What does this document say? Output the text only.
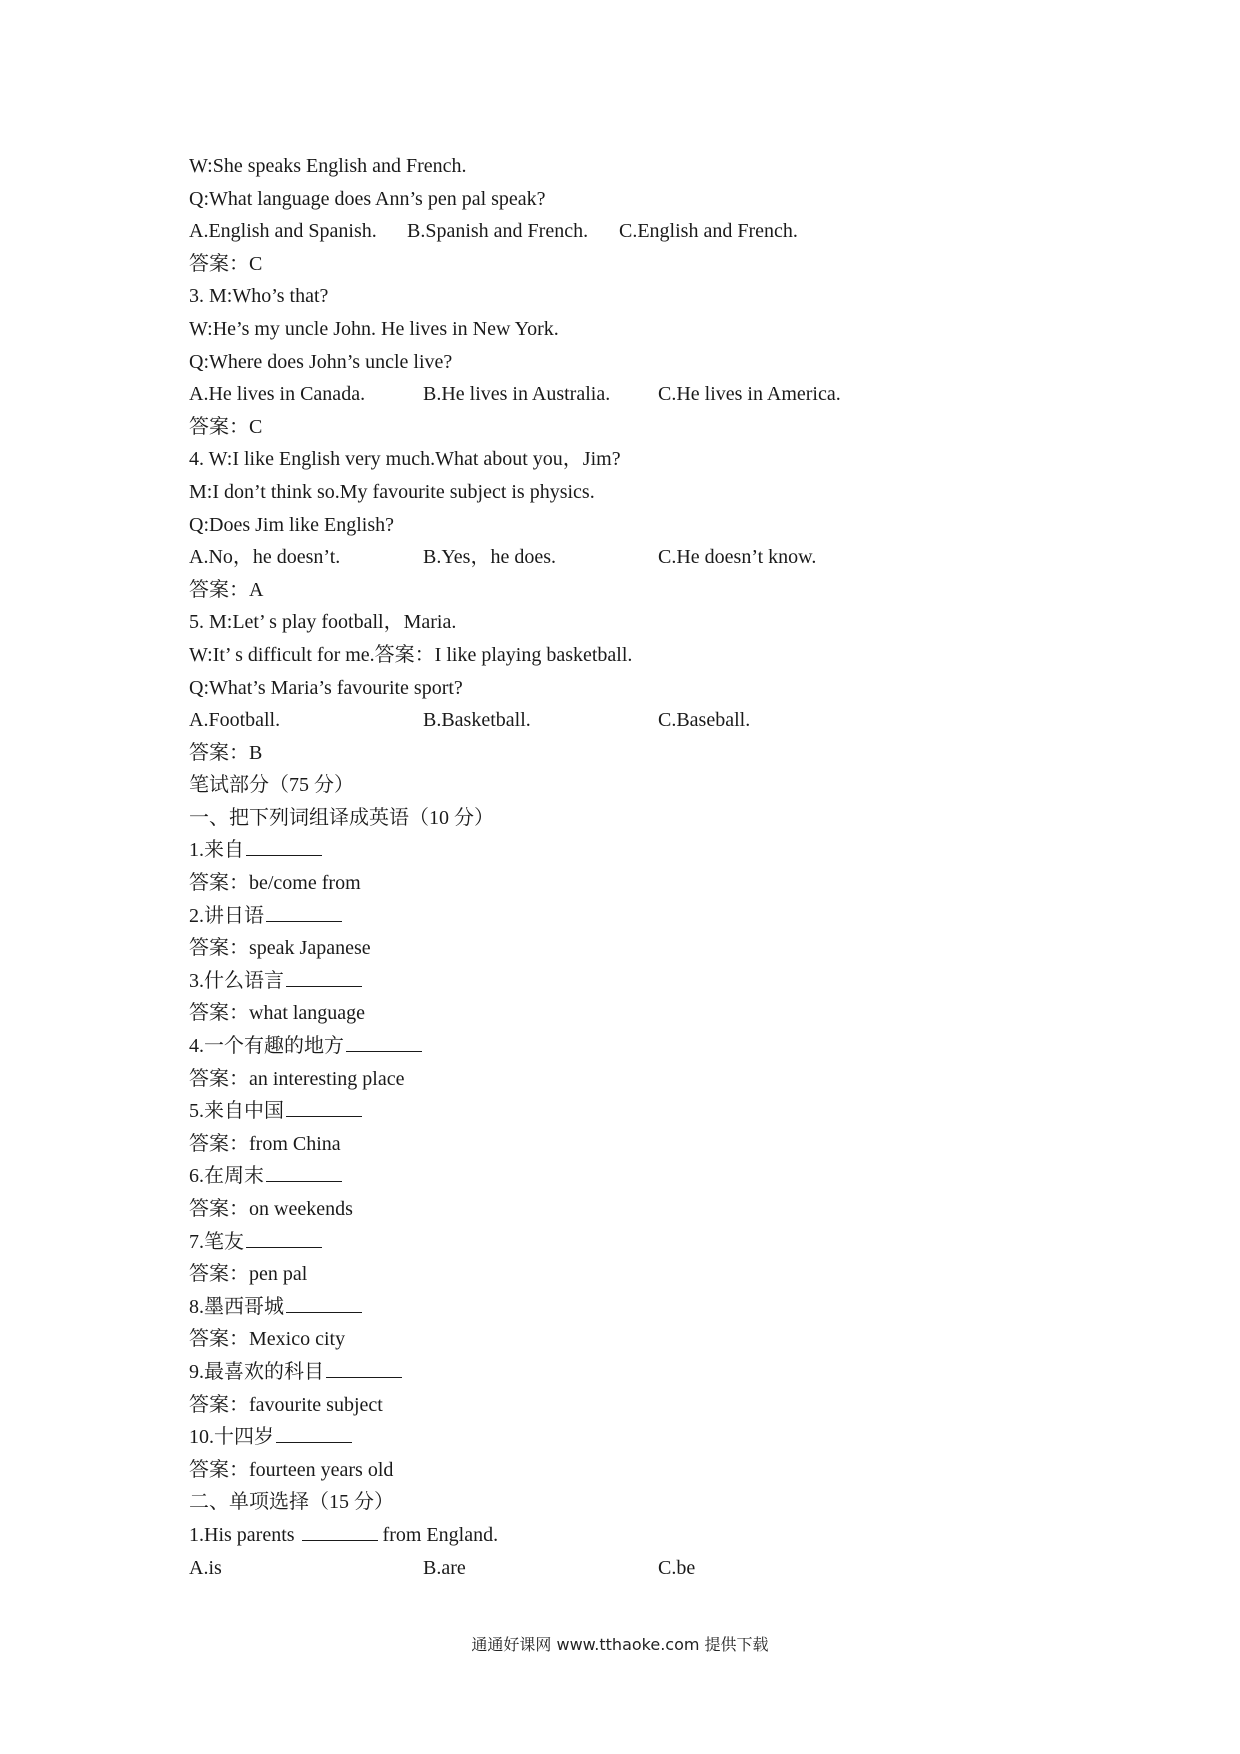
W:She speaks English and French.
Q:What language does Ann’s pen pal speak?
A.English and Spanish. B.Spanish and French. C.English and French.
答案：C
3. M:Who’s that?
W:He’s my uncle John. He lives in New York.
Q:Where does John’s uncle live?
A.He lives in Canada.	B.He lives in Australia. C.He lives in America.
答案：C
4. W:I like English very much.What about you，Jim?
M:I don’t think so.My favourite subject is physics.
Q:Does Jim like English?
A.No，he doesn’t.	B.Yes，he does.	C.He doesn’t know.
答案：A
5. M:Let’ s play football，Maria.
W:It’ s difficult for me.答案：I like playing basketball.
Q:What’s Maria’s favourite sport?
A.Football.	B.Basketball.	C.Baseball.
答案：B
笔试部分（75 分）
一、把下列词组译成英语（10 分）
1.来自
答案：be/come from
2.讲日语
答案：speak Japanese
3.什么语言
答案：what language
4.一个有趣的地方
答案：an interesting place
5.来自中国
答案：from China
6.在周末
答案：on weekends
7.笔友
答案：pen pal
8.墨西哥城
答案：Mexico city
9.最喜欢的科目
答案：favourite subject
10.十四岁
答案：fourteen years old
二、单项选择（15 分）
1.His parents	from England.
A.is	B.are	C.be
通通好课网 www.tthaoke.com 提供下载
